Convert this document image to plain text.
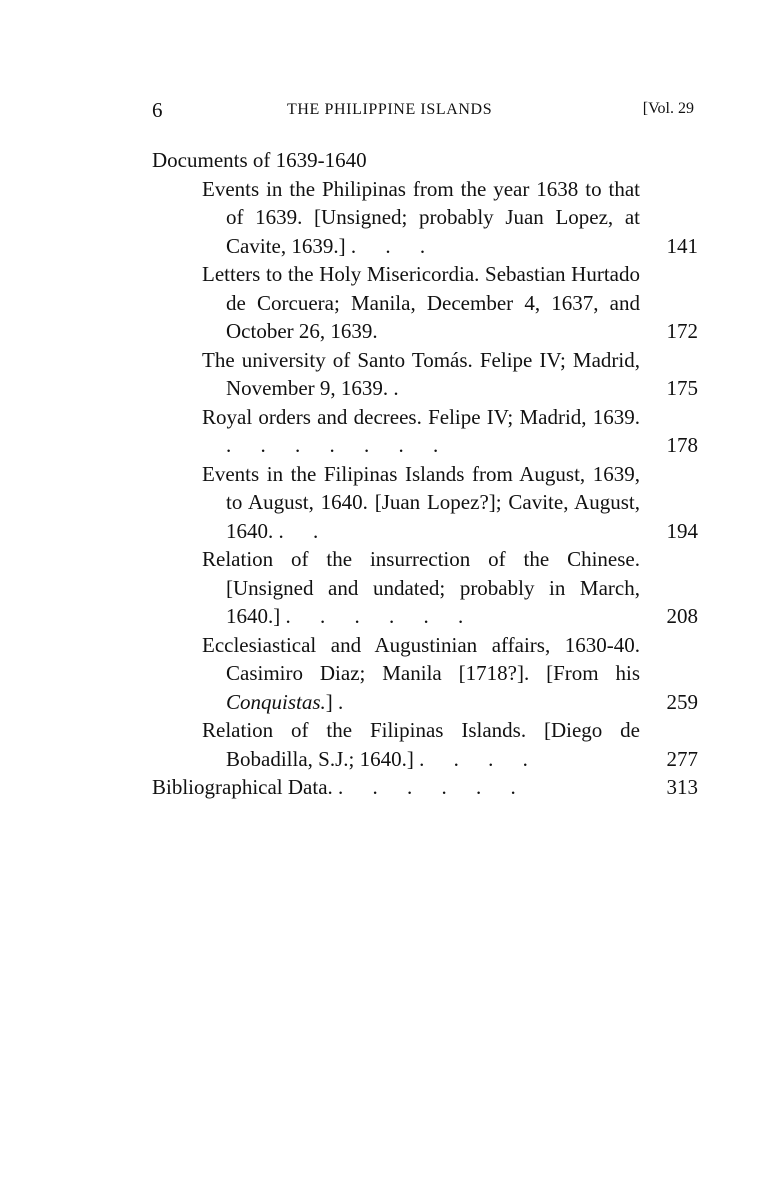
6	THE PHILIPPINE ISLANDS	[Vol. 29
Documents of 1639-1640
Events in the Philipinas from the year 1638 to that of 1639. [Unsigned; probably Juan Lopez, at Cavite, 1639.] . . .	141
Letters to the Holy Misericordia. Sebastian Hurtado de Corcuera; Manila, December 4, 1637, and October 26, 1639.	172
The university of Santo Tomás. Felipe IV; Madrid, November 9, 1639. .	175
Royal orders and decrees. Felipe IV; Madrid, 1639. . . . . . . .	178
Events in the Filipinas Islands from August, 1639, to August, 1640. [Juan Lopez?]; Cavite, August, 1640. . .	194
Relation of the insurrection of the Chinese. [Unsigned and undated; probably in March, 1640.] . . . . . .	208
Ecclesiastical and Augustinian affairs, 1630-40. Casimiro Diaz; Manila [1718?]. [From his Conquistas.] .	259
Relation of the Filipinas Islands. [Diego de Bobadilla, S.J.; 1640.] . . . .	277
Bibliographical Data. . . . . . .	313
